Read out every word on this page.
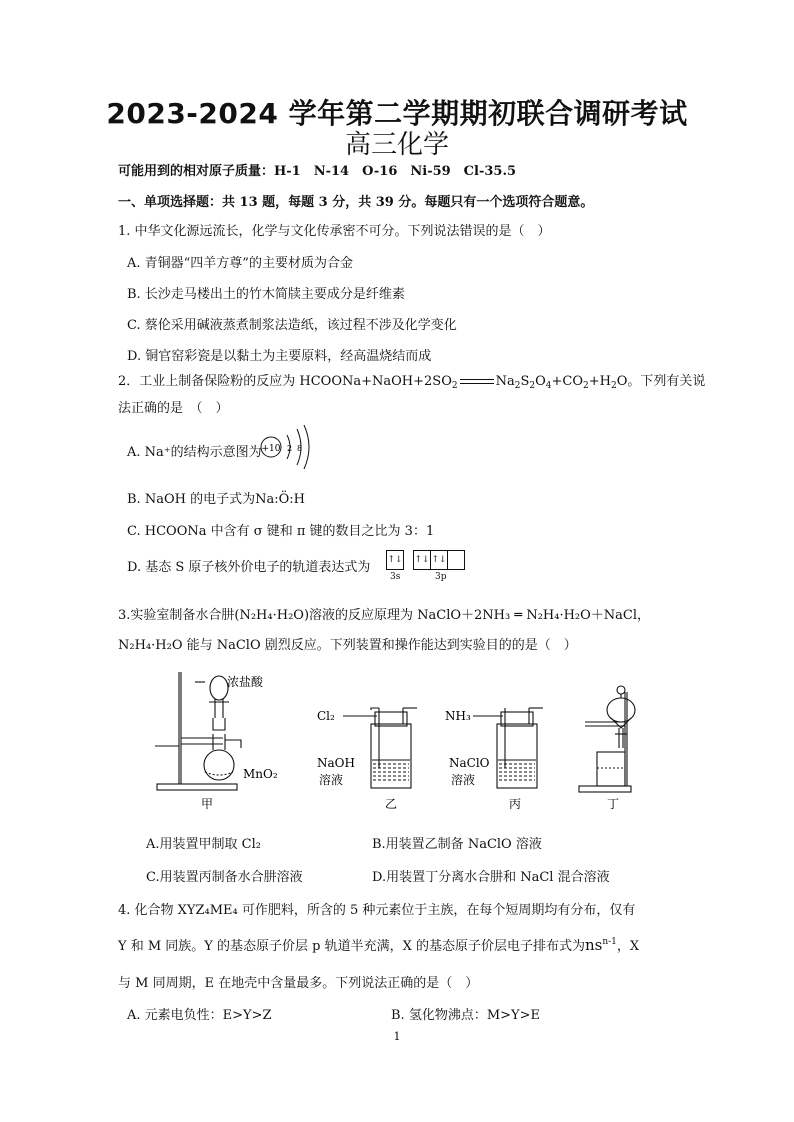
2023-2024 学年第二学期期初联合调研考试
高三化学
可能用到的相对原子质量：H-1　N-14　O-16　Ni-59　Cl-35.5
一、单项选择题：共 13 题，每题 3 分，共 39 分。每题只有一个选项符合题意。
1. 中华文化源远流长，化学与文化传承密不可分。下列说法错误的是（　）
A. 青铜器“四羊方尊”的主要材质为合金
B. 长沙走马楼出土的竹木简牍主要成分是纤维素
C. 蔡伦采用碱液蒸煮制浆法造纸，该过程不涉及化学变化
D. 铜官窑彩瓷是以黏土为主要原料，经高温烧结而成
2．工业上制备保险粉的反应为 $HCOONa+NaOH+2SO_2$	$Na_2S_2O_4+CO_2+H_2O$。下列有关说
法正确的是　（　）
A. Na⁺的结构示意图为 +10 2 8
B. NaOH 的电子式为Na:Ö:H
C. HCOONa 中含有 σ 键和 π 键的数目之比为 3：1
D. 基态 S 原子核外价电子的轨道表达式为
↑↓ ↑↓ ↑↓
3s	3p
3.实验室制备水合肼(N₂H₄·H₂O)溶液的反应原理为 NaClO＋2NH₃ ═ N₂H₄·H₂O＋NaCl，
N₂H₄·H₂O 能与 NaClO 剧烈反应。下列装置和操作能达到实验目的的是（　）
浓盐酸
MnO₂
甲
Cl₂
NaOH
溶液
乙
NH₃
NaClO
溶液
丙	丁
A.用装置甲制取 Cl₂	B.用装置乙制备 NaClO 溶液
C.用装置丙制备水合肼溶液	D.用装置丁分离水合肼和 NaCl 混合溶液
4. 化合物 XYZ₄ME₄ 可作肥料，所含的 5 种元素位于主族，在每个短周期均有分布，仅有
Y 和 M 同族。Y 的基态原子价层 p 轨道半充满，X 的基态原子价层电子排布式为$ns^{n-1}$，X
与 M 同周期，E 在地壳中含量最多。下列说法正确的是（　）
A. 元素电负性：E>Y>Z	B. 氢化物沸点：M>Y>E
1
